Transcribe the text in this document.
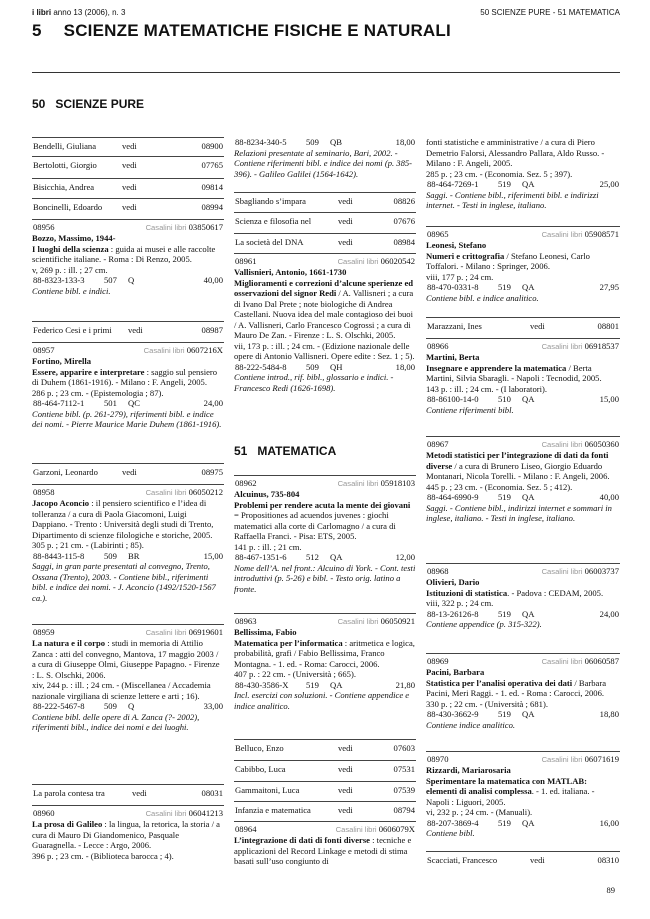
i libri anno 13 (2006), n. 3	50 SCIENZE PURE - 51 MATEMATICA
5 SCIENZE MATEMATICHE FISICHE E NATURALI
50 SCIENZE PURE
Bendelli, Giuliana	vedi	08900
Bertolotti, Giorgio	vedi	07765
Bisicchia, Andrea	vedi	09814
Boncinelli, Edoardo vedi	08994
08956	Casalini libri 03850617

Bozzo, Massimo, 1944-

I luoghi della scienza : guida ai musei e alle raccolte scientifiche italiane. - Roma : Di Renzo, 2005.

v, 269 p. : ill. ; 27 cm.

88-8323-133-3 507 Q	40,00

Contiene bibl. e indici.

Federico Cesi e i primi vedi	08987
08957	Casalini libri 0607216X

Fortino, Mirella

Essere, apparire e interpretare : saggio sul pensiero di Duhem (1861-1916). - Milano : F. Angeli, 2005.

286 p. ; 23 cm. - (Epistemologia ; 87).

88-464-7112-1 501 QC	24,00

Contiene bibl. (p. 261-279), riferimenti bibl. e indice dei nomi. - Pierre Maurice Marie Duhem (1861-1916).

Garzoni, Leonardo	vedi	08975
08958	Casalini libri 06050212

Jacopo Aconcio : il pensiero scientifico e l’idea di tolleranza / a cura di Paola Giacomoni, Luigi Dappiano. - Trento : Università degli studi di Trento, Dipartimento di scienze filologiche e storiche, 2005.

305 p. ; 21 cm. - (Labirinti ; 85).

88-8443-115-8 509 BR	15,00

Saggi, in gran parte presentati al convegno, Trento, Ossana (Trento), 2003. - Contiene bibl., riferimenti bibl. e indice dei nomi. - J. Aconcio (1492/1520-1567 ca.).

08959	Casalini libri 06919601

La natura e il corpo : studi in memoria di Attilio Zanca : atti del convegno, Mantova, 17 maggio 2003 / a cura di Giuseppe Olmi, Giuseppe Papagno. - Firenze : L. S. Olschki, 2006.

xiv, 244 p. : ill. ; 24 cm. - (Miscellanea / Accademia nazionale virgiliana di scienze lettere e arti ; 16).

88-222-5467-8 509 Q	33,00

Contiene bibl. delle opere di A. Zanca (?- 2002), riferimenti bibl., indice dei nomi e dei luoghi.

La parola contesa tra	vedi	08031
08960	Casalini libri 06041213

La prosa di Galileo : la lingua, la retorica, la storia / a cura di Mauro Di Giandomenico, Pasquale Guaragnella. - Lecce : Argo, 2006.

396 p. ; 23 cm. - (Biblioteca barocca ; 4).

88-8234-340-5 509 QB	18,00

Relazioni presentate al seminario, Bari, 2002. - Contiene riferimenti bibl. e indice dei nomi (p. 385-396). - Galileo Galilei (1564-1642).

Sbagliando s’impara	vedi	08826
Scienza e filosofia nel	vedi	07676
La società del DNA	vedi	08984
08961	Casalini libri 06020542

Vallisnieri, Antonio, 1661-1730

Miglioramenti e correzioni d’alcune sperienze ed osservazioni del signor Redi / A. Vallisneri ; a cura di Ivano Dal Prete ; note biologiche di Andrea Castellani. Nuova idea del male contagioso dei buoi / A. Vallisneri, Carlo Francesco Cogrossi ; a cura di Mauro De Zan. - Firenze : L. S. Olschki, 2005.

vii, 173 p. : ill. ; 24 cm. - (Edizione nazionale delle opere di Antonio Vallisneri. Opere edite : Sez. 1 ; 5).

88-222-5484-8 509 QH	18,00

Contiene introd., rif. bibl., glossario e indici. - Francesco Redi (1626-1698).

51 MATEMATICA
08962	Casalini libri 05918103

Alcuinus, 735-804

Problemi per rendere acuta la mente dei giovani = Propositiones ad acuendos juvenes : giochi matematici alla corte di Carlomagno / a cura di Raffaella Franci. - Pisa: ETS, 2005.

141 p. : ill. ; 21 cm.

88-467-1351-6 512 QA	12,00

Nome dell’A. nel front.: Alcuino di York. - Cont. testi introduttivi (p. 5-26) e bibl. - Testo orig. latino a fronte.

08963	Casalini libri 06050921

Bellissima, Fabio

Matematica per l’informatica : aritmetica e logica, probabilità, grafi / Fabio Bellissima, Franco Montagna. - 1. ed. - Roma: Carocci, 2006.

407 p. : 22 cm. - (Università ; 665).

88-430-3586-X 519 QA	21,80

Incl. esercizi con soluzioni. - Contiene appendice e indice analitico.

Belluco, Enzo	vedi	07603
Cabibbo, Luca	vedi	07531
Gammaitoni, Luca	vedi	07539
Infanzia e matematica	vedi	08794
08964	Casalini libri 0606079X

L’integrazione di dati di fonti diverse : tecniche e applicazioni del Record Linkage e metodi di stima basati sull’uso congiunto di

fonti statistiche e amministrative / a cura di Piero Demetrio Falorsi, Alessandro Pallara, Aldo Russo. - Milano : F. Angeli, 2005.

285 p. ; 23 cm. - (Economia. Sez. 5 ; 397).

88-464-7269-1 519 QA	25,00

Saggi. - Contiene bibl., riferimenti bibl. e indirizzi internet. - Testi in inglese, italiano.

08965	Casalini libri 05908571

Leonesi, Stefano

Numeri e crittografia / Stefano Leonesi, Carlo Toffalori. - Milano : Springer, 2006.

viii, 177 p. ; 24 cm.

88-470-0331-8 519 QA	27,95

Contiene bibl. e indice analitico.

Marazzani, Ines	vedi	08801
08966	Casalini libri 06918537

Martini, Berta

Insegnare e apprendere la matematica / Berta Martini, Silvia Sbaragli. - Napoli : Tecnodid, 2005.

143 p. : ill. ; 24 cm. - (I laboratori).

88-86100-14-0 510 QA	15,00

Contiene riferimenti bibl.

08967	Casalini libri 06050360

Metodi statistici per l’integrazione di dati da fonti diverse / a cura di Brunero Liseo, Giorgio Eduardo Montanari, Nicola Torelli. - Milano : F. Angeli, 2006.

445 p. ; 23 cm. - (Economia. Sez. 5 ; 412).

88-464-6990-9 519 QA	40,00

Saggi. - Contiene bibl., indirizzi internet e sommari in inglese, italiano. - Testi in inglese, italiano.

08968	Casalini libri 06003737

Olivieri, Dario

Istituzioni di statistica. - Padova : CEDAM, 2005.

viii, 322 p. ; 24 cm.

88-13-26126-8 519 QA	24,00

Contiene appendice (p. 315-322).

08969	Casalini libri 06060587

Pacini, Barbara

Statistica per l’analisi operativa dei dati / Barbara Pacini, Meri Raggi. - 1. ed. - Roma : Carocci, 2006.

330 p. ; 22 cm. - (Università ; 681).

88-430-3662-9 519 QA	18,80

Contiene indice analitico.

08970	Casalini libri 06071619

Rizzardi, Mariarosaria

Sperimentare la matematica con MATLAB: elementi di analisi complessa. - 1. ed. italiana. - Napoli : Liguori, 2005.

vi, 232 p. ; 24 cm. - (Manuali).

88-207-3869-4 519 QA	16,00

Contiene bibl.

Scacciati, Francesco	vedi	08310
89
